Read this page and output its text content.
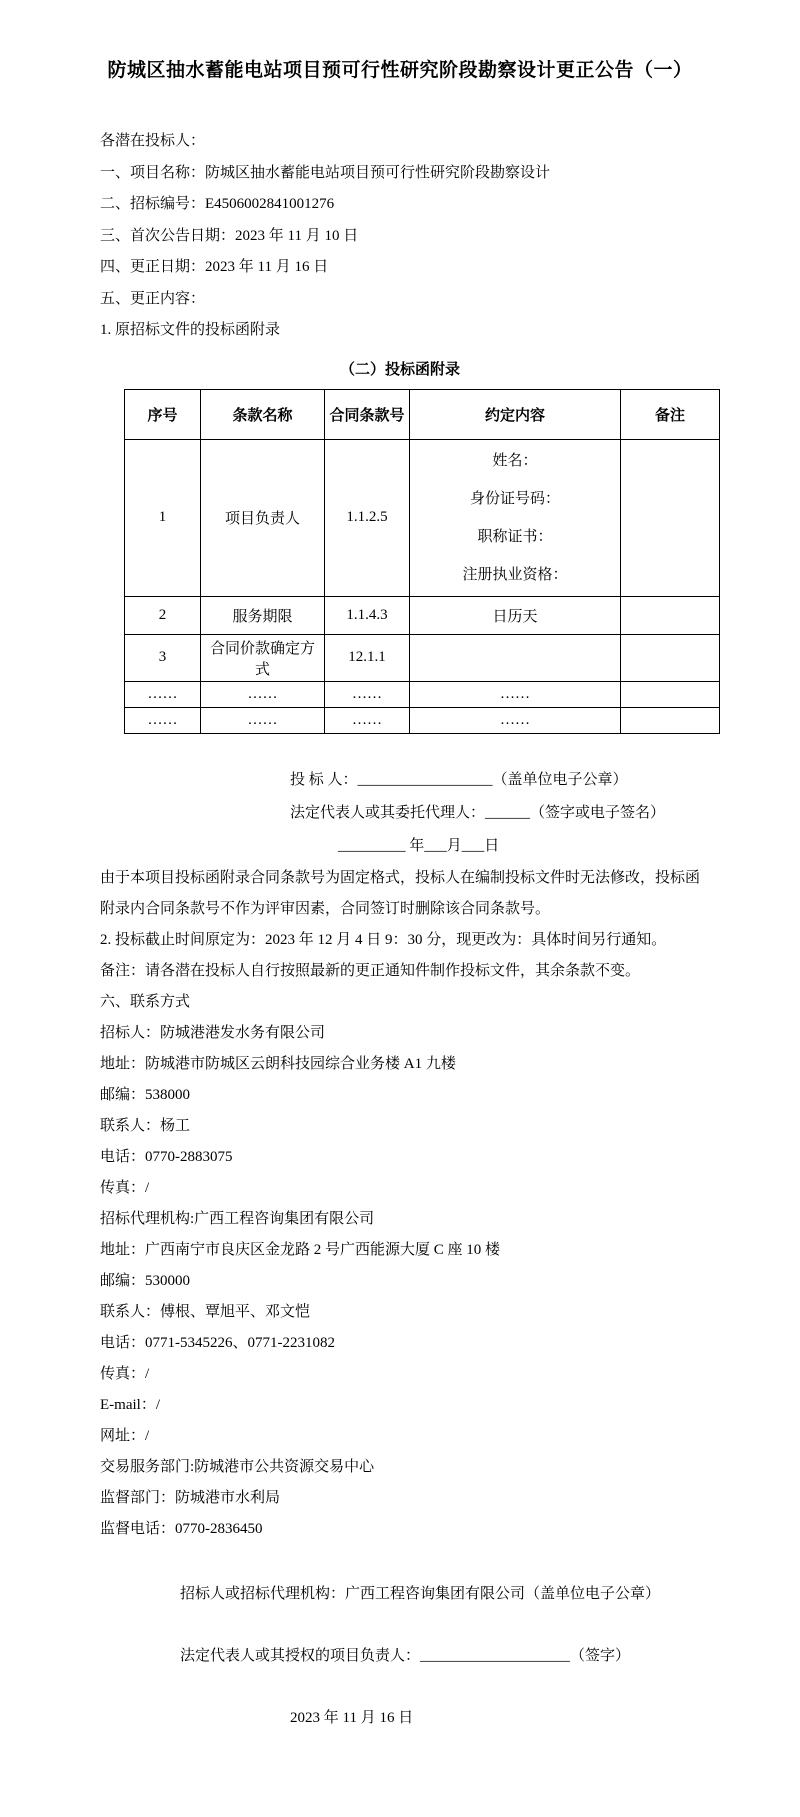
防城区抽水蓄能电站项目预可行性研究阶段勘察设计更正公告（一）

各潜在投标人：

一、项目名称：防城区抽水蓄能电站项目预可行性研究阶段勘察设计

二、招标编号：E4506002841001276

三、首次公告日期：2023 年 11 月 10 日

四、更正日期：2023 年 11 月 16 日

五、更正内容：

1. 原招标文件的投标函附录

（二）投标函附录

序号	条款名称	合同条款号	约定内容	备注
1	项目负责人	1.1.2.5	姓名：
身份证号码：
职称证书：
注册执业资格：	

2	服务期限	1.1.4.3	日历天	
3	合同价款确定方式	12.1.1		
……	……	……	……	
……	……	……	……	

投 标 人：__________________（盖单位电子公章）

法定代表人或其委托代理人：______（签字或电子签名）

_________ 年___月___日

由于本项目投标函附录合同条款号为固定格式，投标人在编制投标文件时无法修改，投标函附录内合同条款号不作为评审因素，合同签订时删除该合同条款号。

2. 投标截止时间原定为：2023 年 12 月 4 日 9：30 分，现更改为：具体时间另行通知。

备注：请各潜在投标人自行按照最新的更正通知件制作投标文件，其余条款不变。

六、联系方式

招标人：防城港港发水务有限公司

地址：防城港市防城区云朗科技园综合业务楼 A1 九楼

邮编：538000

联系人：杨工

电话：0770-2883075

传真：/

招标代理机构:广西工程咨询集团有限公司

地址：广西南宁市良庆区金龙路 2 号广西能源大厦 C 座 10 楼

邮编：530000

联系人：傅根、覃旭平、邓文恺

电话：0771-5345226、0771-2231082

传真：/

E-mail：/

网址：/

交易服务部门:防城港市公共资源交易中心

监督部门：防城港市水利局

监督电话：0770-2836450

招标人或招标代理机构：广西工程咨询集团有限公司（盖单位电子公章）

法定代表人或其授权的项目负责人：____________________（签字）

2023 年 11 月 16 日
